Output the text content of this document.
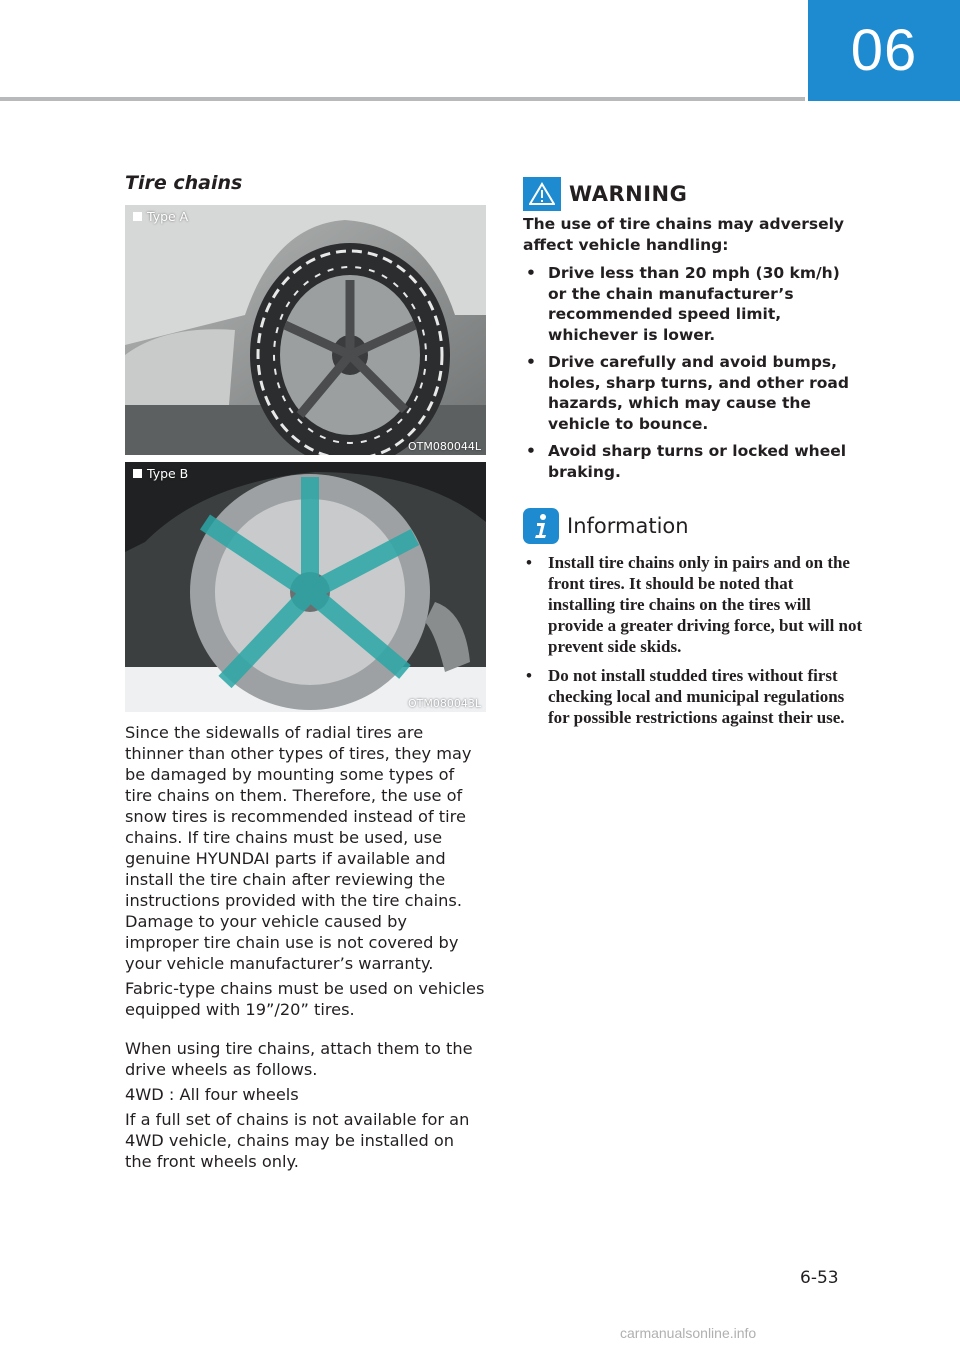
06
Tire chains
Type A
OTM080044L
Type B
OTM080043L

Since the sidewalls of radial tires are thinner than other types of tires, they may be damaged by mounting some types of tire chains on them. Therefore, the use of snow tires is recommended instead of tire chains. If tire chains must be used, use genuine HYUNDAI parts if available and install the tire chain after reviewing the instructions provided with the tire chains. Damage to your vehicle caused by improper tire chain use is not covered by your vehicle manufacturer’s warranty.

Fabric-type chains must be used on vehicles equipped with 19”/20” tires.

When using tire chains, attach them to the drive wheels as follows.

4WD : All four wheels

If a full set of chains is not available for an 4WD vehicle, chains may be installed on the front wheels only.

WARNING

The use of tire chains may adversely affect vehicle handling:

• Drive less than 20 mph (30 km/h) or the chain manufacturer’s recommended speed limit, whichever is lower.
• Drive carefully and avoid bumps, holes, sharp turns, and other road hazards, which may cause the vehicle to bounce.
• Avoid sharp turns or locked wheel braking.
Information
• Install tire chains only in pairs and on the front tires. It should be noted that installing tire chains on the tires will provide a greater driving force, but will not prevent side skids.
• Do not install studded tires without first checking local and municipal regulations for possible restrictions against their use.
6-53
carmanualsonline.info
